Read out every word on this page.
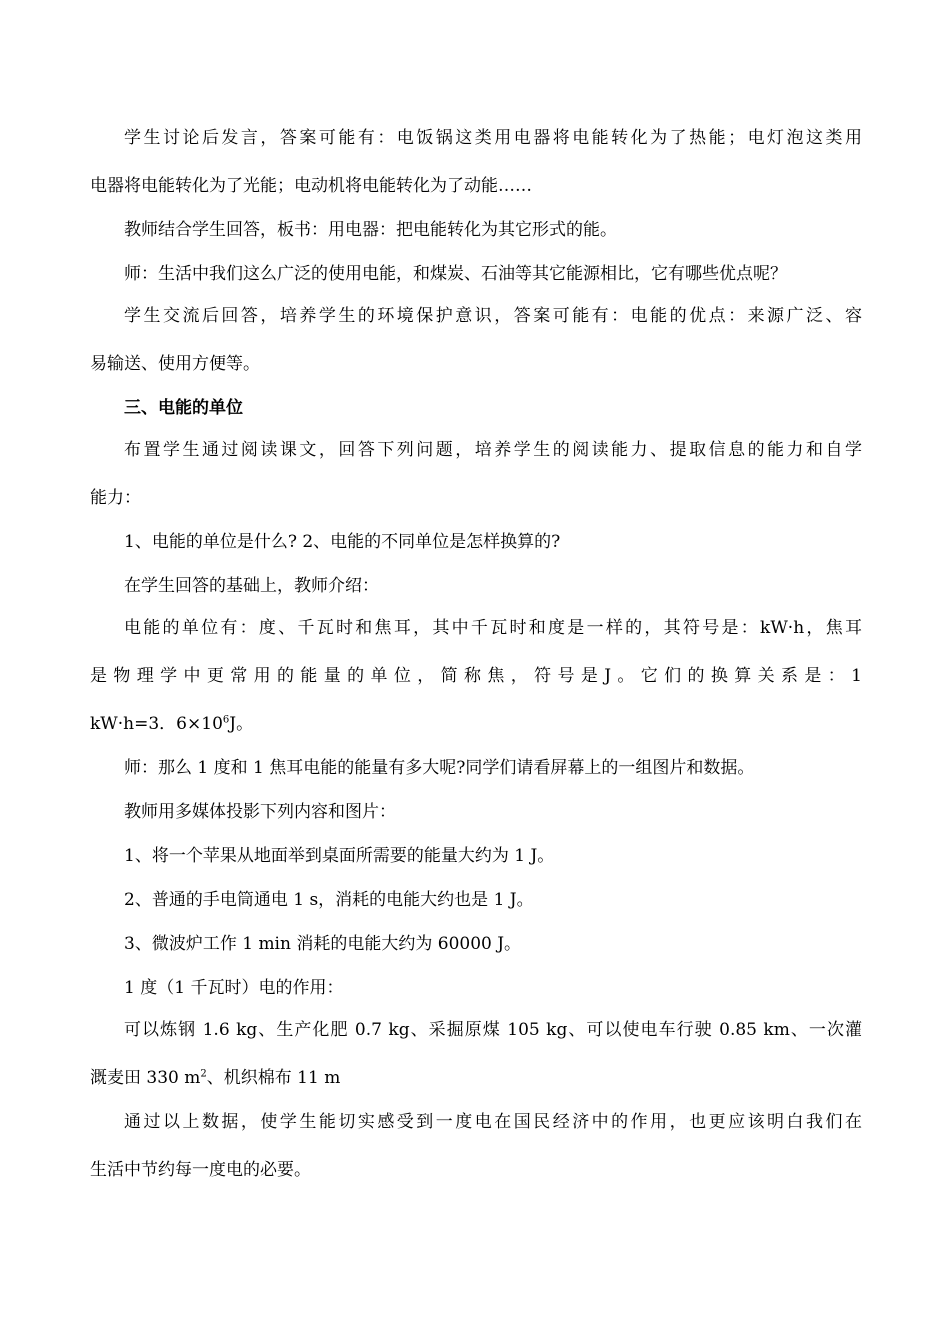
学生讨论后发言，答案可能有：电饭锅这类用电器将电能转化为了热能；电灯泡这类用
电器将电能转化为了光能；电动机将电能转化为了动能……
教师结合学生回答，板书：用电器：把电能转化为其它形式的能。
师：生活中我们这么广泛的使用电能，和煤炭、石油等其它能源相比，它有哪些优点呢？
学生交流后回答，培养学生的环境保护意识，答案可能有：电能的优点：来源广泛、容
易输送、使用方便等。
三、电能的单位
布置学生通过阅读课文，回答下列问题，培养学生的阅读能力、提取信息的能力和自学
能力：
1、电能的单位是什么? 2、电能的不同单位是怎样换算的?
在学生回答的基础上，教师介绍：
电能的单位有：度、千瓦时和焦耳，其中千瓦时和度是一样的，其符号是：kW·h，焦耳
是物理学中更常用的能量的单位，简称焦，符号是J。它们的换算关系是：1
kW·h=3．$6\times 10^6J$。
师：那么 1 度和 1 焦耳电能的能量有多大呢?同学们请看屏幕上的一组图片和数据。
教师用多媒体投影下列内容和图片：
1、将一个苹果从地面举到桌面所需要的能量大约为 1 J。
2、普通的手电筒通电 1 s，消耗的电能大约也是 1 J。
3、微波炉工作 1 min 消耗的电能大约为 60000 J。
1 度（1 千瓦时）电的作用：
可以炼钢 1.6 kg、生产化肥 0.7 kg、采掘原煤 105 kg、可以使电车行驶 0.85 km、一次灌
溉麦田 330 $m^2$、机织棉布 11 m
通过以上数据，使学生能切实感受到一度电在国民经济中的作用，也更应该明白我们在
生活中节约每一度电的必要。
